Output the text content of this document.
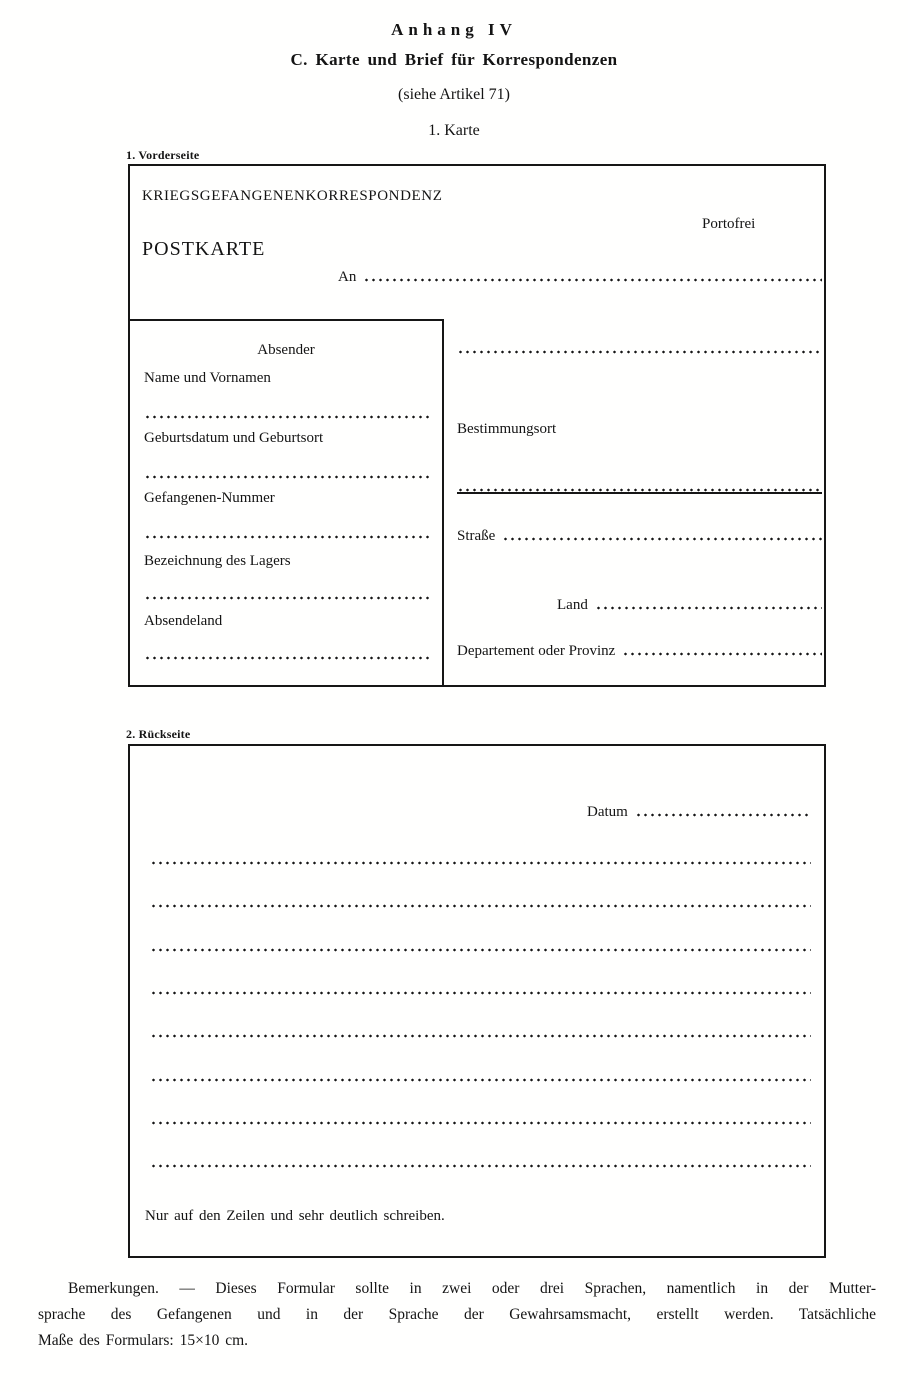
Anhang IV
C. Karte und Brief für Korrespondenzen
(siehe Artikel 71)
1. Karte
1. Vorderseite
KRIEGSGEFANGENENKORRESPONDENZ
Portofrei
POSTKARTE
An
Absender
Name und Vornamen
Geburtsdatum und Geburtsort
Gefangenen-Nummer
Bezeichnung des Lagers
Absendeland
Bestimmungsort
Straße
Land
Departement oder Provinz
2. Rückseite
Datum
Nur auf den Zeilen und sehr deutlich schreiben.
Bemerkungen. — Dieses Formular sollte in zwei oder drei Sprachen, namentlich in der Mutter-
sprache des Gefangenen und in der Sprache der Gewahrsamsmacht, erstellt werden. Tatsächliche
Maße des Formulars: 15×10 cm.
